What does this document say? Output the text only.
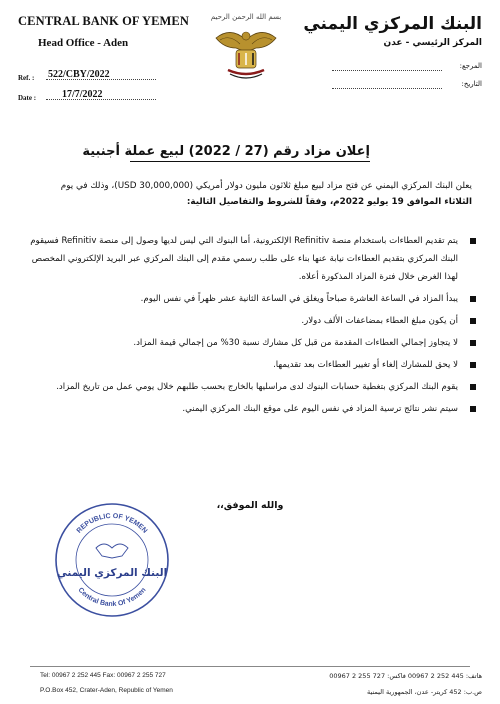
CENTRAL BANK OF YEMEN
Head Office - Aden
Ref. : 522/CBY/2022
Date :	17/7/2022
بسم الله الرحمن الرحيم البنك المركزي اليمني
المركز الرئيسي - عدن
المرجع:
التاريخ:
إعلان مزاد رقم (27 / 2022) لبيع عملة أجنبية
يعلن البنك المركزي اليمني عن فتح مزاد لبيع مبلغ ثلاثون مليون دولار أمريكي (USD 30,000,000)، وذلك في يوم
الثلاثاء الموافق 19 يوليو 2022م، وفقاً للشروط والتفاصيل التالية:
يتم تقديم العطاءات باستخدام منصة Refinitiv الإلكترونية، أما البنوك التي ليس لديها وصول إلى منصة Refinitiv فسيقوم البنك المركزي بتقديم العطاءات نيابة عنها بناء على طلب رسمي مقدم إلى البنك المركزي عبر البريد الإلكتروني المخصص لهذا الغرض خلال فترة المزاد المذكورة أعلاه.
يبدأ المزاد في الساعة العاشرة صباحاً ويغلق في الساعة الثانية عشر ظهراً في نفس اليوم.
أن يكون مبلغ العطاء بمضاعفات الألف دولار.
لا يتجاوز إجمالي العطاءات المقدمة من قبل كل مشارك نسبة 30% من إجمالي قيمة المزاد.
لا يحق للمشارك إلغاء أو تغيير العطاءات بعد تقديمها.
يقوم البنك المركزي بتغطية حسابات البنوك لدى مراسليها بالخارج بحسب طلبهم خلال يومي عمل من تاريخ المزاد.
سيتم نشر نتائج ترسية المزاد في نفس اليوم على موقع البنك المركزي اليمني.
والله الموفق،،
REPUBLIC OF YEMEN
Central Bank Of Yemen
البنك المركزي اليمني
Tel: 00967 2 252 445 Fax: 00967 2 255 727
P.O.Box 452, Crater-Aden, Republic of Yemen
هاتف: 445 252 2 00967 فاكس: 727 255 2 00967
ص.ب: 452 كريتر- عدن، الجمهورية اليمنية
